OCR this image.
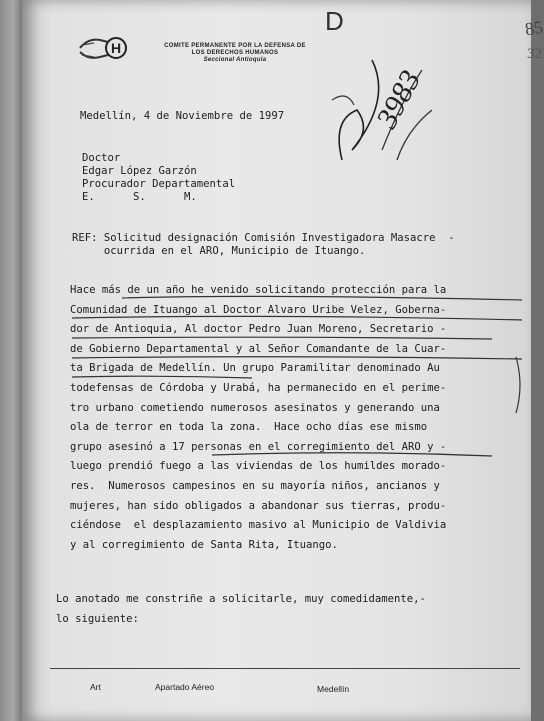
H	COMITE PERMANENTE POR LA DEFENSA DE
LOS DERECHOS HUMANOS
Seccional Antioquia
D	85
32
3983
Medellín, 4 de Noviembre de 1997
Doctor
Edgar López Garzón
Procurador Departamental
E.      S.      M.
REF: Solicitud designación Comisión Investigadora Masacre  -
ocurrida en el ARO, Municipio de Ituango.
Hace más de un año he venido solicitando protección para la
Comunidad de Ituango al Doctor Alvaro Uribe Velez, Goberna-
dor de Antioquia, Al doctor Pedro Juan Moreno, Secretario -
de Gobierno Departamental y al Señor Comandante de la Cuar-
ta Brigada de Medellín. Un grupo Paramilitar denominado Au
todefensas de Córdoba y Urabá, ha permanecido en el perime-
tro urbano cometiendo numerosos asesinatos y generando una
ola de terror en toda la zona.  Hace ocho días ese mismo
grupo asesinó a 17 personas en el corregimiento del ARO y -
luego prendió fuego a las viviendas de los humildes morado-
res.  Numerosos campesinos en su mayoría niños, ancianos y
mujeres, han sido obligados a abandonar sus tierras, produ-
ciéndose  el desplazamiento masivo al Municipio de Valdivia
y al corregimiento de Santa Rita, Ituango.
Lo anotado me constriñe a solicitarle, muy comedidamente,-
lo siguiente:
Art	Apartado Aéreo	Medellín
